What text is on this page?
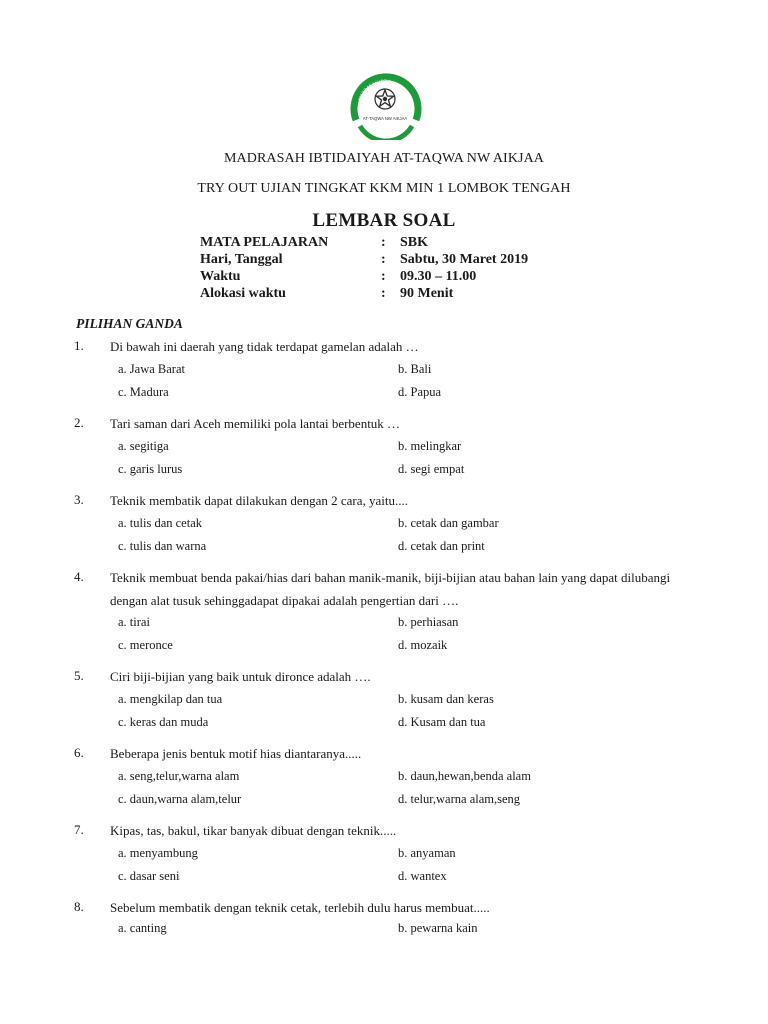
MADRASAH IBTIDAIYAH
AT-TAQWA NW AIKJAA
MADRASAH IBTIDAIYAH AT-TAQWA NW AIKJAA
TRY OUT UJIAN TINGKAT KKM MIN 1 LOMBOK TENGAH
LEMBAR SOAL
MATA PELAJARAN	: SBK
Hari, Tanggal	: Sabtu, 30 Maret 2019
Waktu	: 09.30 – 11.00
Alokasi waktu	: 90 Menit
PILIHAN GANDA
1. Di bawah ini daerah yang tidak terdapat gamelan adalah …
a. Jawa Barat	b. Bali
c. Madura	d. Papua
2. Tari saman dari Aceh memiliki pola lantai berbentuk …
a. segitiga	b. melingkar
c. garis lurus	d. segi empat
3. Teknik membatik dapat dilakukan dengan 2 cara, yaitu....
a. tulis dan cetak	b. cetak dan gambar
c. tulis dan warna	d. cetak dan print
4. Teknik membuat benda pakai/hias dari bahan manik-manik, biji-bijian atau bahan lain yang dapat dilubangi dengan alat tusuk sehinggadapat dipakai adalah pengertian dari ….
a. tirai	b. perhiasan
c. meronce	d. mozaik
5. Ciri biji-bijian yang baik untuk dironce adalah ….
a. mengkilap dan tua	b. kusam dan keras
c. keras dan muda	d. Kusam dan tua
6. Beberapa jenis bentuk motif hias diantaranya.....
a. seng,telur,warna alam	b. daun,hewan,benda alam
c. daun,warna alam,telur	d. telur,warna alam,seng
7. Kipas, tas, bakul, tikar banyak dibuat dengan teknik.....
a. menyambung	b. anyaman
c. dasar seni	d. wantex
8. Sebelum membatik dengan teknik cetak, terlebih dulu harus membuat.....
a. canting	b. pewarna kain
